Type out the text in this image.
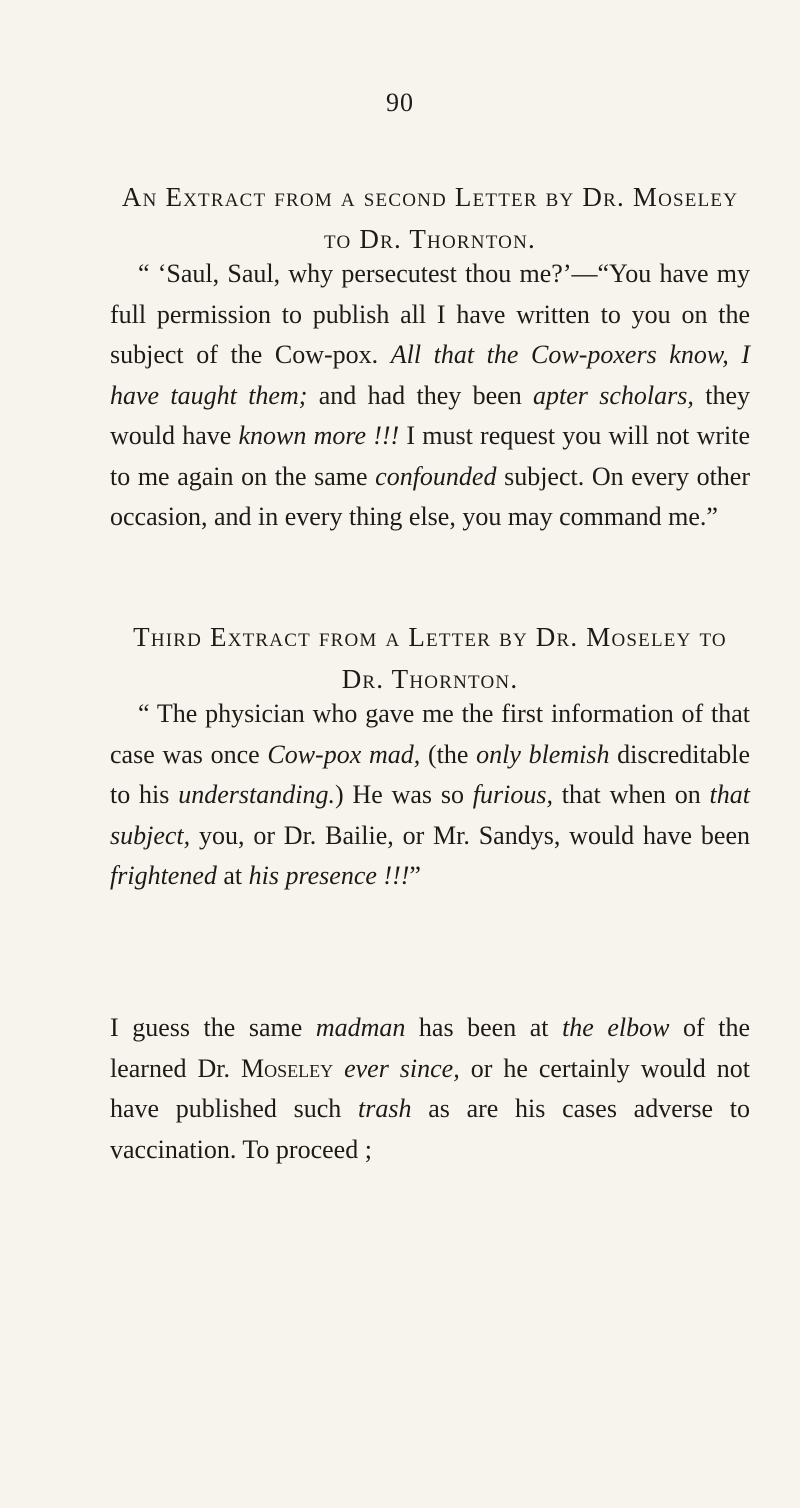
90
An Extract from a second Letter by Dr. Moseley to Dr. Thornton.

“ ‘Saul, Saul, why persecutest thou me?’—“You have my full permission to publish all I have written to you on the subject of the Cow-pox. All that the Cow-poxers know, I have taught them; and had they been apter scholars, they would have known more !!! I must request you will not write to me again on the same confounded subject. On every other occasion, and in every thing else, you may command me.”

Third Extract from a Letter by Dr. Moseley to Dr. Thornton.

“ The physician who gave me the first information of that case was once Cow-pox mad, (the only blemish discreditable to his understanding.) He was so furious, that when on that subject, you, or Dr. Bailie, or Mr. Sandys, would have been frightened at his presence !!!”

I guess the same madman has been at the elbow of the learned Dr. Moseley ever since, or he certainly would not have published such trash as are his cases adverse to vaccination. To proceed ;
